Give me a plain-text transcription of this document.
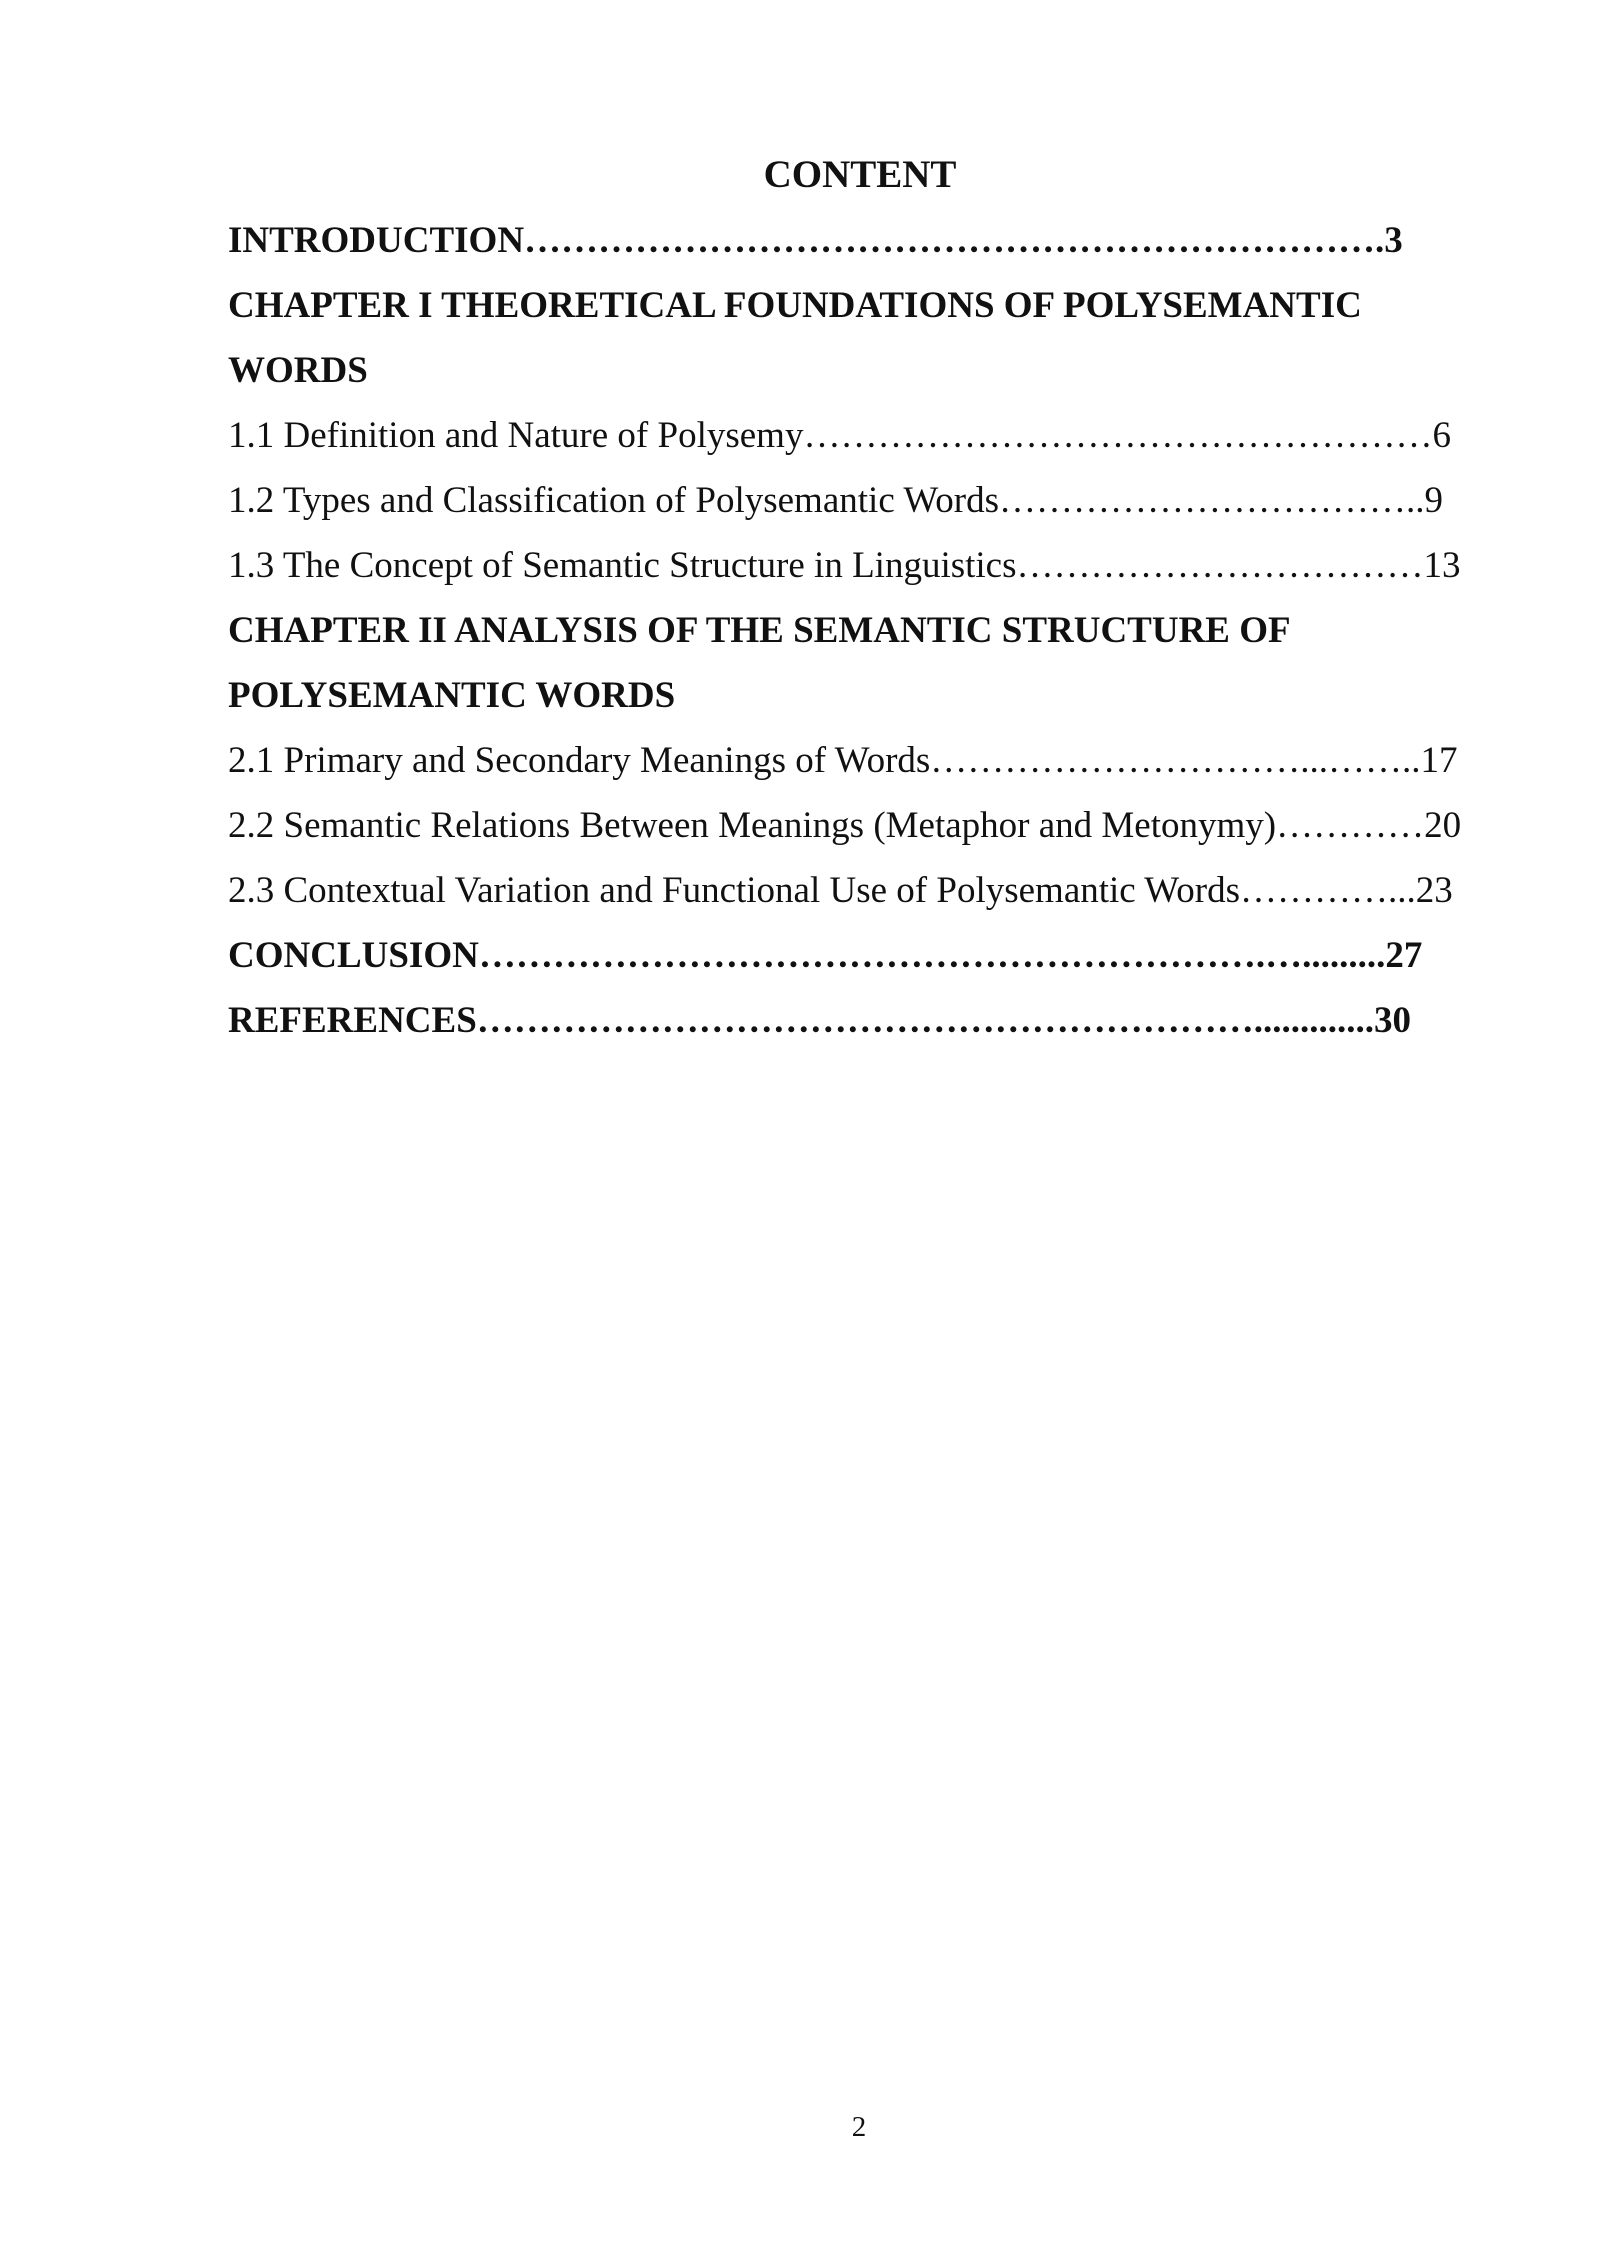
CONTENT
INTRODUCTION…………………………………………………………….3
CHAPTER I THEORETICAL FOUNDATIONS OF POLYSEMANTIC
WORDS
1.1 Definition and Nature of Polysemy……………………………………………6
1.2 Types and Classification of Polysemantic Words……………………………..9
1.3 The Concept of Semantic Structure in Linguistics……………………………13
CHAPTER II ANALYSIS OF THE SEMANTIC STRUCTURE OF
POLYSEMANTIC WORDS
2.1 Primary and Secondary Meanings of Words…………………………...……..17
2.2 Semantic Relations Between Meanings (Metaphor and Metonymy)…………20
2.3 Contextual Variation and Functional Use of Polysemantic Words…………...23
CONCLUSION……………………………………………………….….........27
REFERENCES……………………………………………………….............30
2
